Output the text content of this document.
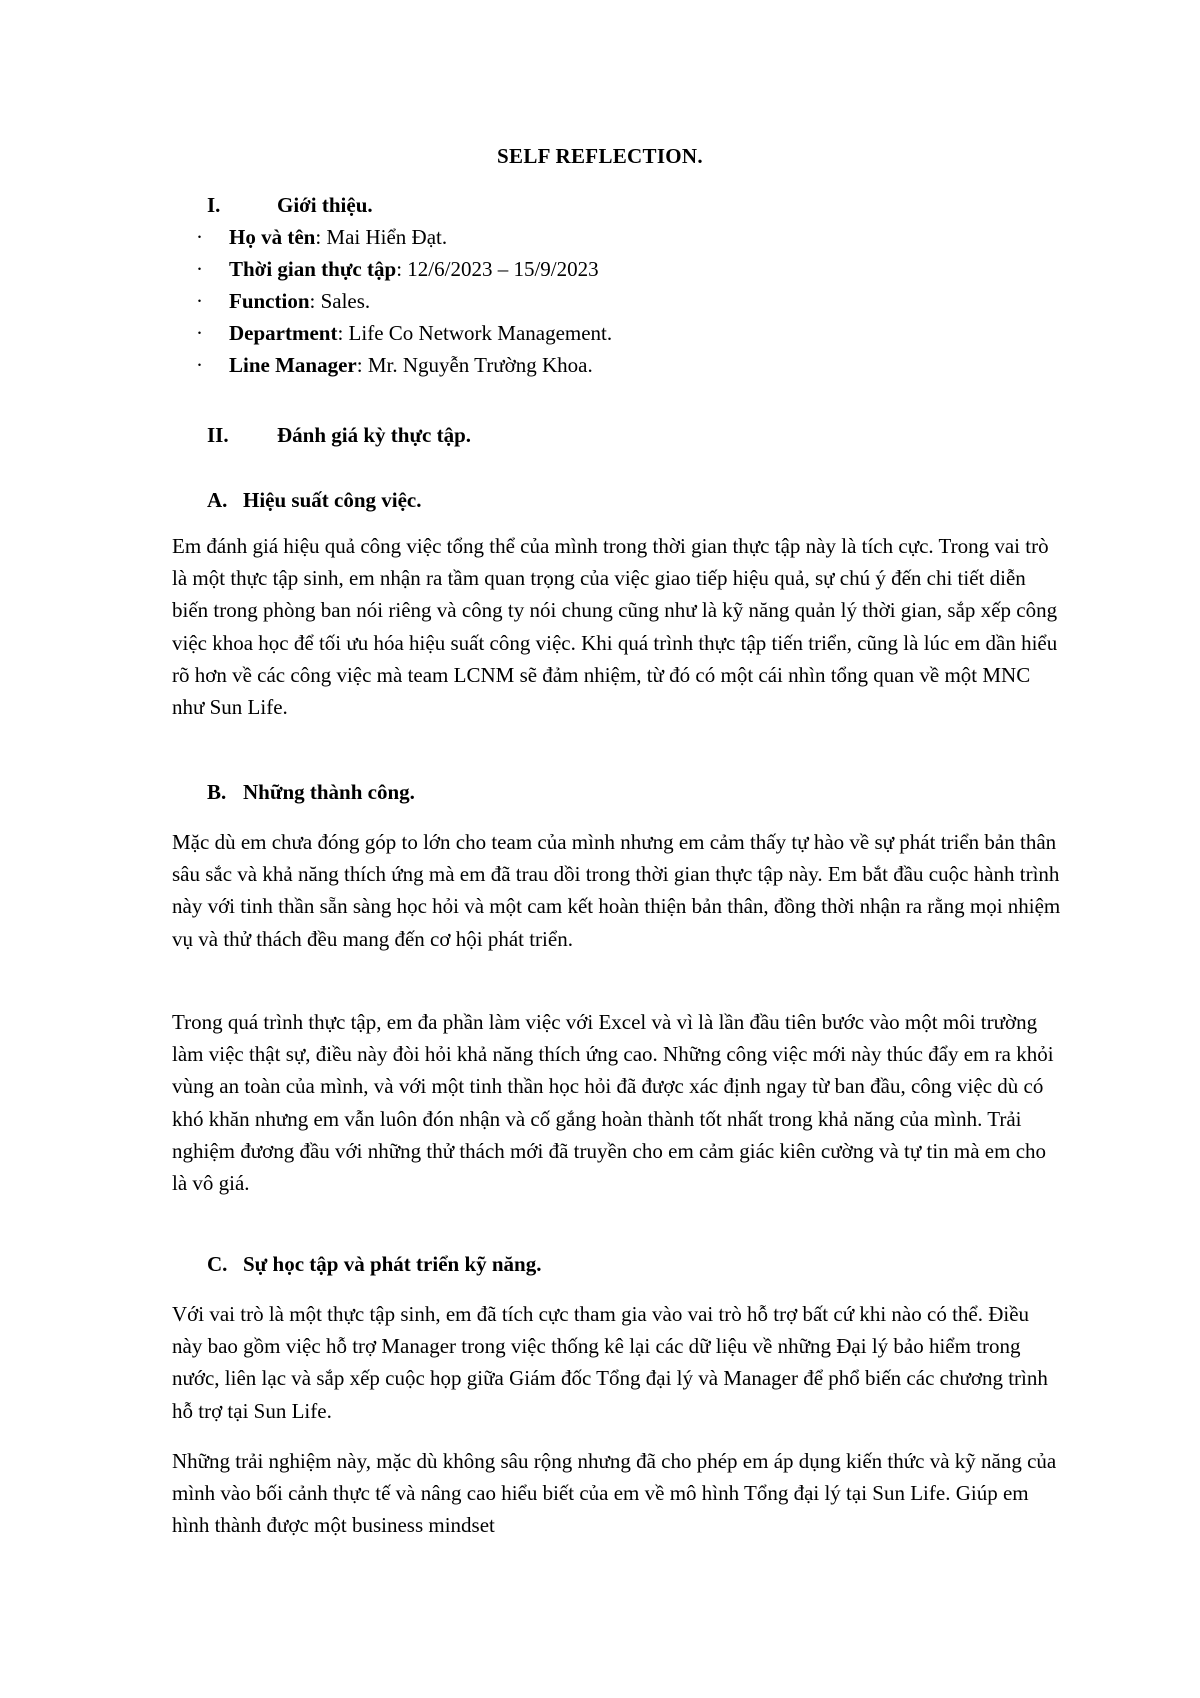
SELF REFLECTION.
I.	Giới thiệu.
· Họ và tên: Mai Hiển Đạt.
· Thời gian thực tập: 12/6/2023 – 15/9/2023
· Function: Sales.
· Department: Life Co Network Management.
· Line Manager: Mr. Nguyễn Trường Khoa.
II. Đánh giá kỳ thực tập.
A. Hiệu suất công việc.

Em đánh giá hiệu quả công việc tổng thể của mình trong thời gian thực tập này là tích cực. Trong vai trò là một thực tập sinh, em nhận ra tầm quan trọng của việc giao tiếp hiệu quả, sự chú ý đến chi tiết diễn biến trong phòng ban nói riêng và công ty nói chung cũng như là kỹ năng quản lý thời gian, sắp xếp công việc khoa học để tối ưu hóa hiệu suất công việc. Khi quá trình thực tập tiến triển, cũng là lúc em dần hiểu rõ hơn về các công việc mà team LCNM sẽ đảm nhiệm, từ đó có một cái nhìn tổng quan về một MNC như Sun Life.

B. Những thành công.

Mặc dù em chưa đóng góp to lớn cho team của mình nhưng em cảm thấy tự hào về sự phát triển bản thân sâu sắc và khả năng thích ứng mà em đã trau dồi trong thời gian thực tập này. Em bắt đầu cuộc hành trình này với tinh thần sẵn sàng học hỏi và một cam kết hoàn thiện bản thân, đồng thời nhận ra rằng mọi nhiệm vụ và thử thách đều mang đến cơ hội phát triển.

Trong quá trình thực tập, em đa phần làm việc với Excel và vì là lần đầu tiên bước vào một môi trường làm việc thật sự, điều này đòi hỏi khả năng thích ứng cao. Những công việc mới này thúc đẩy em ra khỏi vùng an toàn của mình, và với một tinh thần học hỏi đã được xác định ngay từ ban đầu, công việc dù có khó khăn nhưng em vẫn luôn đón nhận và cố gắng hoàn thành tốt nhất trong khả năng của mình. Trải nghiệm đương đầu với những thử thách mới đã truyền cho em cảm giác kiên cường và tự tin mà em cho là vô giá.

C. Sự học tập và phát triển kỹ năng.

Với vai trò là một thực tập sinh, em đã tích cực tham gia vào vai trò hỗ trợ bất cứ khi nào có thể. Điều này bao gồm việc hỗ trợ Manager trong việc thống kê lại các dữ liệu về những Đại lý bảo hiểm trong nước, liên lạc và sắp xếp cuộc họp giữa Giám đốc Tổng đại lý và Manager để phổ biến các chương trình hỗ trợ tại Sun Life.

Những trải nghiệm này, mặc dù không sâu rộng nhưng đã cho phép em áp dụng kiến thức và kỹ năng của mình vào bối cảnh thực tế và nâng cao hiểu biết của em về mô hình Tổng đại lý tại Sun Life. Giúp em hình thành được một business mindset
